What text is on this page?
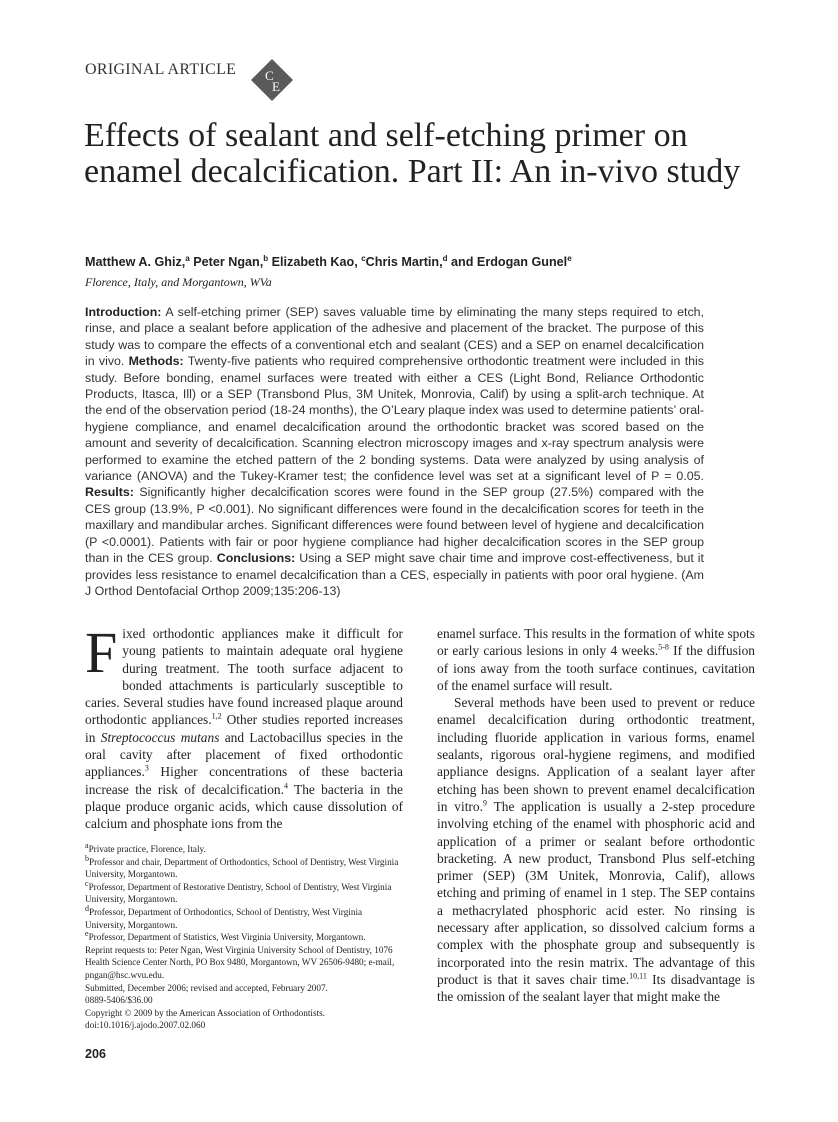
ORIGINAL ARTICLE C
E
Effects of sealant and self-etching primer on enamel decalcification. Part II: An in-vivo study
Matthew A. Ghiz,$^a$ Peter Ngan,$^b$ Elizabeth Kao, $^c$Chris Martin,$^d$ and Erdogan Gunel$^e$
Florence, Italy, and Morgantown, WVa

Introduction: A self-etching primer (SEP) saves valuable time by eliminating the many steps required to etch, rinse, and place a sealant before application of the adhesive and placement of the bracket. The purpose of this study was to compare the effects of a conventional etch and sealant (CES) and a SEP on enamel decalcification in vivo. Methods: Twenty-five patients who required comprehensive orthodontic treatment were included in this study. Before bonding, enamel surfaces were treated with either a CES (Light Bond, Reliance Orthodontic Products, Itasca, Ill) or a SEP (Transbond Plus, 3M Unitek, Monrovia, Calif) by using a split-arch technique. At the end of the observation period (18-24 months), the O’Leary plaque index was used to determine patients’ oral-hygiene compliance, and enamel decalcification around the orthodontic bracket was scored based on the amount and severity of decalcification. Scanning electron microscopy images and x-ray spectrum analysis were performed to examine the etched pattern of the 2 bonding systems. Data were analyzed by using analysis of variance (ANOVA) and the Tukey-Kramer test; the confidence level was set at a significant level of P = 0.05. Results: Significantly higher decalcification scores were found in the SEP group (27.5%) compared with the CES group (13.9%, P <0.001). No significant differences were found in the decalcification scores for teeth in the maxillary and mandibular arches. Significant differences were found between level of hygiene and decalcification (P <0.0001). Patients with fair or poor hygiene compliance had higher decalcification scores in the SEP group than in the CES group. Conclusions: Using a SEP might save chair time and improve cost-effectiveness, but it provides less resistance to enamel decalcification than a CES, especially in patients with poor oral hygiene. (Am J Orthod Dentofacial Orthop 2009;135:206-13)

Fixed orthodontic appliances make it difficult for young patients to maintain adequate oral hygiene during treatment. The tooth surface adjacent to bonded attachments is particularly susceptible to caries. Several studies have found increased plaque around orthodontic appliances.$^{1,2}$ Other studies reported increases in Streptococcus mutans and Lactobacillus species in the oral cavity after placement of fixed orthodontic appliances.$^3$ Higher concentrations of these bacteria increase the risk of decalcification.$^4$ The bacteria in the plaque produce organic acids, which cause dissolution of calcium and phosphate ions from the

$^a$Private practice, Florence, Italy.

$^b$Professor and chair, Department of Orthodontics, School of Dentistry, West Virginia University, Morgantown.

$^c$Professor, Department of Restorative Dentistry, School of Dentistry, West Virginia University, Morgantown.

$^d$Professor, Department of Orthodontics, School of Dentistry, West Virginia University, Morgantown.

$^e$Professor, Department of Statistics, West Virginia University, Morgantown.

Reprint requests to: Peter Ngan, West Virginia University School of Dentistry, 1076 Health Science Center North, PO Box 9480, Morgantown, WV 26506-9480; e-mail, pngan@hsc.wvu.edu.

Submitted, December 2006; revised and accepted, February 2007.

0889-5406/$36.00

Copyright © 2009 by the American Association of Orthodontists.

doi:10.1016/j.ajodo.2007.02.060

enamel surface. This results in the formation of white spots or early carious lesions in only 4 weeks.$^{5-8}$ If the diffusion of ions away from the tooth surface continues, cavitation of the enamel surface will result.

Several methods have been used to prevent or reduce enamel decalcification during orthodontic treatment, including fluoride application in various forms, enamel sealants, rigorous oral-hygiene regimens, and modified appliance designs. Application of a sealant layer after etching has been shown to prevent enamel decalcification in vitro.$^9$ The application is usually a 2-step procedure involving etching of the enamel with phosphoric acid and application of a primer or sealant before orthodontic bracketing. A new product, Transbond Plus self-etching primer (SEP) (3M Unitek, Monrovia, Calif), allows etching and priming of enamel in 1 step. The SEP contains a methacrylated phosphoric acid ester. No rinsing is necessary after application, so dissolved calcium forms a complex with the phosphate group and subsequently is incorporated into the resin matrix. The advantage of this product is that it saves chair time.$^{10,11}$ Its disadvantage is the omission of the sealant layer that might make the

206
